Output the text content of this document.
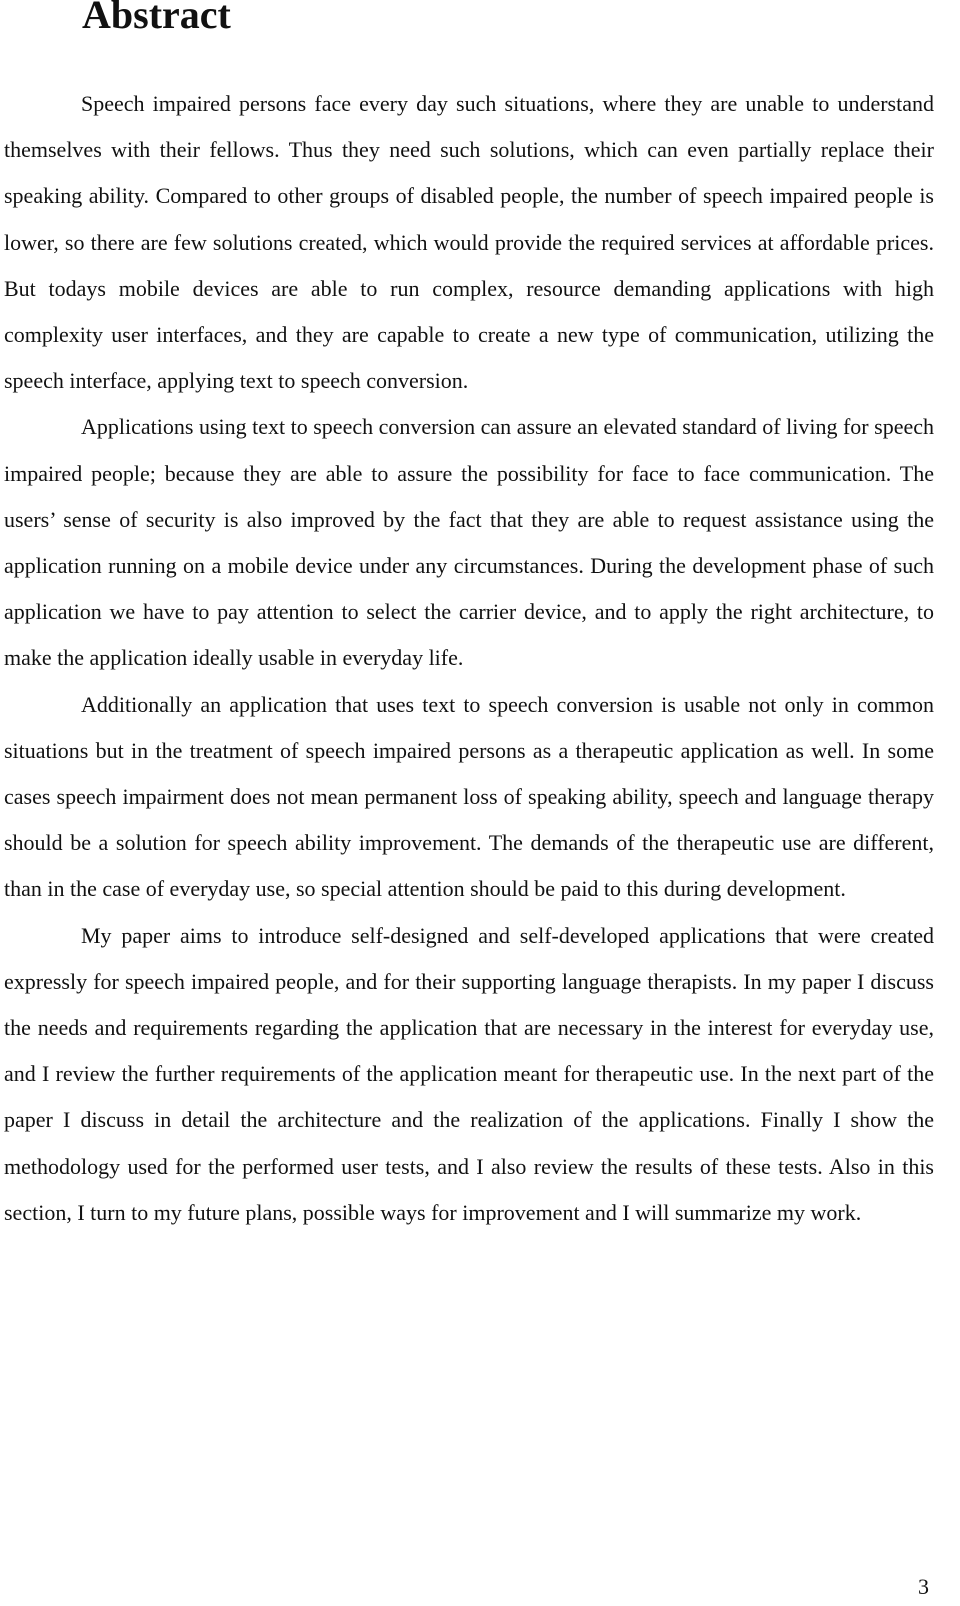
Abstract

Speech impaired persons face every day such situations, where they are unable to understand themselves with their fellows. Thus they need such solutions, which can even partially replace their speaking ability. Compared to other groups of disabled people, the number of speech impaired people is lower, so there are few solutions created, which would provide the required services at affordable prices. But todays mobile devices are able to run complex, resource demanding applications with high complexity user interfaces, and they are capable to create a new type of communication, utilizing the speech interface, applying text to speech conversion.

Applications using text to speech conversion can assure an elevated standard of living for speech impaired people; because they are able to assure the possibility for face to face communication. The users’ sense of security is also improved by the fact that they are able to request assistance using the application running on a mobile device under any circumstances. During the development phase of such application we have to pay attention to select the carrier device, and to apply the right architecture, to make the application ideally usable in everyday life.

Additionally an application that uses text to speech conversion is usable not only in common situations but in the treatment of speech impaired persons as a therapeutic application as well. In some cases speech impairment does not mean permanent loss of speaking ability, speech and language therapy should be a solution for speech ability improvement. The demands of the therapeutic use are different, than in the case of everyday use, so special attention should be paid to this during development.

My paper aims to introduce self-designed and self-developed applications that were created expressly for speech impaired people, and for their supporting language therapists. In my paper I discuss the needs and requirements regarding the application that are necessary in the interest for everyday use, and I review the further requirements of the application meant for therapeutic use. In the next part of the paper I discuss in detail the architecture and the realization of the applications. Finally I show the methodology used for the performed user tests, and I also review the results of these tests. Also in this section, I turn to my future plans, possible ways for improvement and I will summarize my work.

3
